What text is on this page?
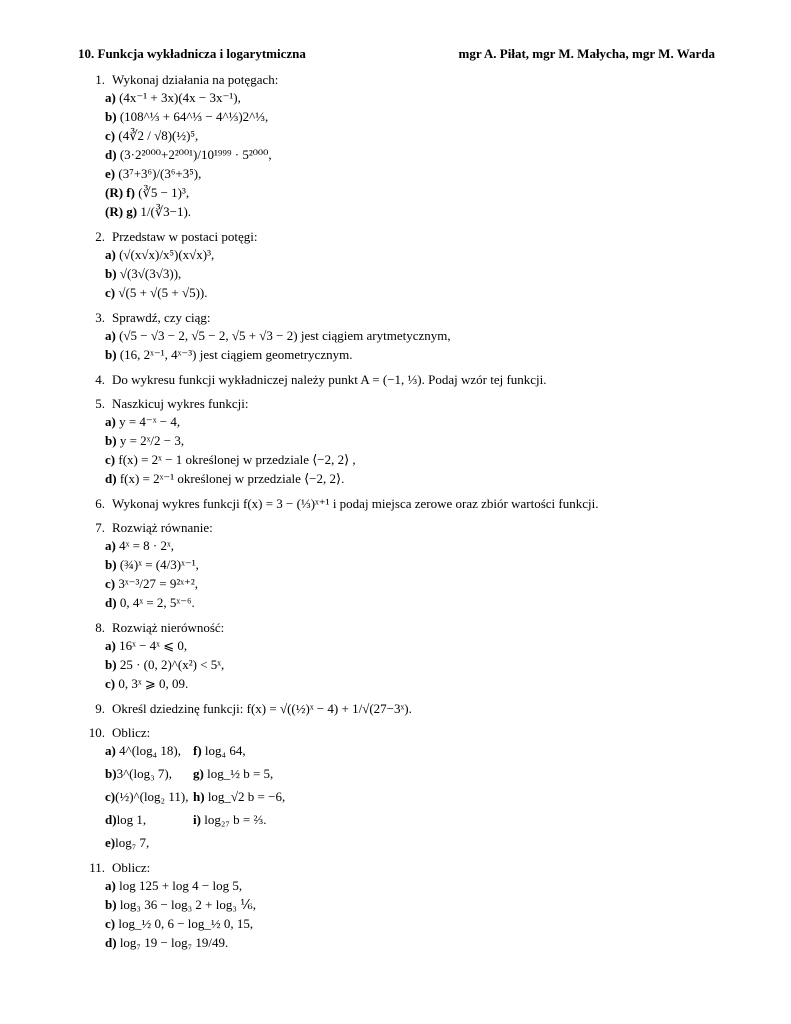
10. Funkcja wykładnicza i logarytmiczna	mgr A. Piłat, mgr M. Małycha, mgr M. Warda
1. Wykonaj działania na potęgach:
a) (4x⁻¹ + 3x)(4x − 3x⁻¹),
b) (108^⅓ + 64^⅓ − 4^⅓)2^⅓,
c) (4∛2 / √8)(½)⁵,
d) (3·2²⁰⁰⁰+2²⁰⁰¹)/10¹⁹⁹⁹ · 5²⁰⁰⁰,
e) (3⁷+3⁶)/(3⁶+3⁵),
(R) f) (∛5 − 1)³,
(R) g) 1/(∛3−1).
2. Przedstaw w postaci potęgi:
a) (√(x√x)/x⁵)(x√x)³,
b) √(3√(3√3)),
c) √(5 + √(5 + √5)).
3. Sprawdź, czy ciąg:
a) (√5 − √3 − 2, √5 − 2, √5 + √3 − 2) jest ciągiem arytmetycznym,
b) (16, 2ˣ⁻¹, 4ˣ⁻³) jest ciągiem geometrycznym.
4. Do wykresu funkcji wykładniczej należy punkt A = (−1, ⅓). Podaj wzór tej funkcji.
5. Naszkicuj wykres funkcji:
a) y = 4⁻ˣ − 4,
b) y = 2ˣ/2 − 3,
c) f(x) = 2ˣ − 1 określonej w przedziale ⟨−2, 2⟩ ,
d) f(x) = 2ˣ⁻¹ określonej w przedziale ⟨−2, 2⟩.
6. Wykonaj wykres funkcji f(x) = 3 − (⅓)ˣ⁺¹ i podaj miejsca zerowe oraz zbiór wartości funkcji.
7. Rozwiąż równanie:
a) 4ˣ = 8 · 2ˣ,
b) (¾)ˣ = (4/3)ˣ⁻¹,
c) 3ˣ⁻³/27 = 9²ˣ⁺²,
d) 0, 4ˣ = 2, 5ˣ⁻⁶.
8. Rozwiąż nierówność:
a) 16ˣ − 4ˣ ⩽ 0,
b) 25 · (0, 2)^(x²) < 5ˣ,
c) 0, 3ˣ ⩾ 0, 09.
9. Określ dziedzinę funkcji: f(x) = √((½)ˣ − 4) + 1/√(27−3ˣ).
10. Oblicz:
a) 4^(log₄ 18), f) log₄ 64,
b)3^(log₃ 7),	g) log_½ b = 5,
c)(½)^(log₂ 11), h) log_√2 b = −6,
d)log 1,	i) log₂₇ b = ⅔.
e)log₇ 7,
11. Oblicz:
a) log 125 + log 4 − log 5,
b) log₃ 36 − log₃ 2 + log₃ ⅙,
c) log_½ 0, 6 − log_½ 0, 15,
d) log₇ 19 − log₇ 19/49.
